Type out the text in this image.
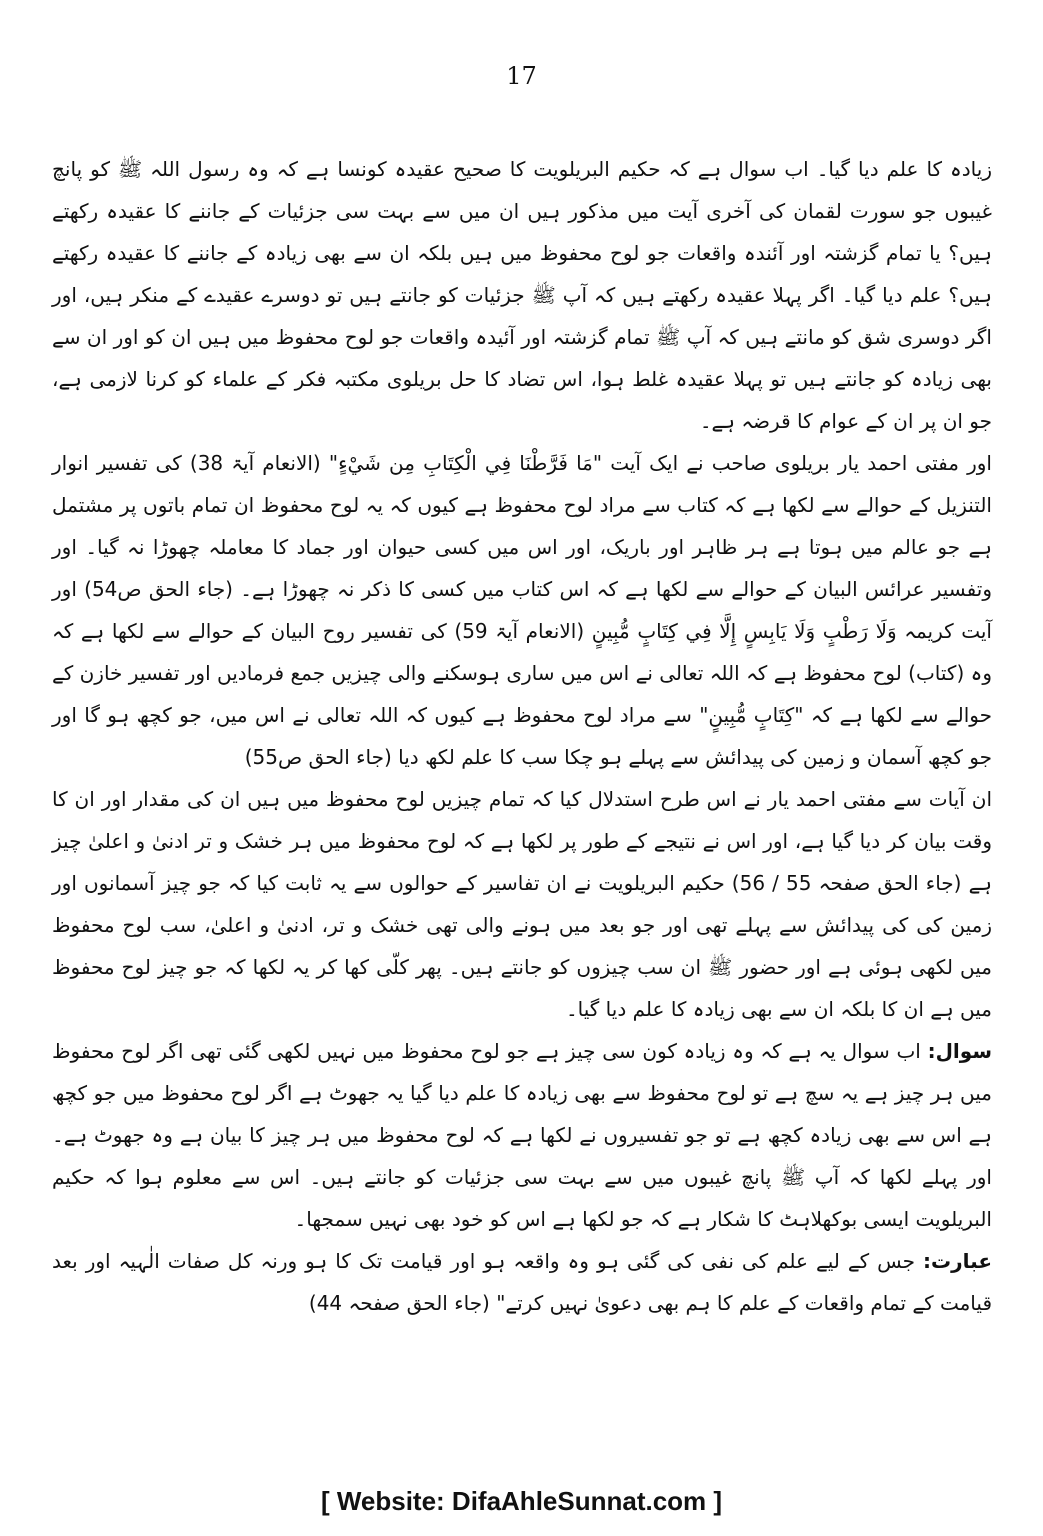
17

زیادہ کا علم دیا گیا۔ اب سوال ہے کہ حکیم البریلویت کا صحیح عقیدہ کونسا ہے کہ وہ رسول اللہ ﷺ کو پانچ غیبوں جو سورت لقمان کی آخری آیت میں مذکور ہیں ان میں سے بہت سی جزئیات کے جاننے کا عقیدہ رکھتے ہیں؟ یا تمام گزشتہ اور آئندہ واقعات جو لوح محفوظ میں ہیں بلکہ ان سے بھی زیادہ کے جاننے کا عقیدہ رکھتے ہیں؟ علم دیا گیا۔ اگر پہلا عقیدہ رکھتے ہیں کہ آپ ﷺ جزئیات کو جانتے ہیں تو دوسرے عقیدے کے منکر ہیں، اور اگر دوسری شق کو مانتے ہیں کہ آپ ﷺ تمام گزشتہ اور آئیدہ واقعات جو لوح محفوظ میں ہیں ان کو اور ان سے بھی زیادہ کو جانتے ہیں تو پہلا عقیدہ غلط ہوا، اس تضاد کا حل بریلوی مکتبہ فکر کے علماء کو کرنا لازمی ہے، جو ان پر ان کے عوام کا قرضہ ہے۔

اور مفتی احمد یار بریلوی صاحب نے ایک آیت "مَا فَرَّطْنَا فِي الْكِتَابِ مِن شَيْءٍ" (الانعام آیۃ 38) کی تفسیر انوار التنزیل کے حوالے سے لکھا ہے کہ کتاب سے مراد لوح محفوظ ہے کیوں کہ یہ لوح محفوظ ان تمام باتوں پر مشتمل ہے جو عالم میں ہوتا ہے ہر ظاہر اور باریک، اور اس میں کسی حیوان اور جماد کا معاملہ چھوڑا نہ گیا۔ اور وتفسیر عرائس البیان کے حوالے سے لکھا ہے کہ اس کتاب میں کسی کا ذکر نہ چھوڑا ہے۔ (جاء الحق ص54) اور آیت کریمہ وَلَا رَطْبٍ وَلَا يَابِسٍ إِلَّا فِي كِتَابٍ مُّبِينٍ (الانعام آیۃ 59) کی تفسیر روح البیان کے حوالے سے لکھا ہے کہ وہ (کتاب) لوح محفوظ ہے کہ اللہ تعالی نے اس میں ساری ہوسکنے والی چیزیں جمع فرمادیں اور تفسیر خازن کے حوالے سے لکھا ہے کہ "كِتَابٍ مُّبِينٍ" سے مراد لوح محفوظ ہے کیوں کہ اللہ تعالی نے اس میں، جو کچھ ہو گا اور جو کچھ آسمان و زمین کی پیدائش سے پہلے ہو چکا سب کا علم لکھ دیا (جاء الحق ص55)

ان آیات سے مفتی احمد یار نے اس طرح استدلال کیا کہ تمام چیزیں لوح محفوظ میں ہیں ان کی مقدار اور ان کا وقت بیان کر دیا گیا ہے، اور اس نے نتیجے کے طور پر لکھا ہے کہ لوح محفوظ میں ہر خشک و تر ادنیٰ و اعلیٰ چیز ہے (جاء الحق صفحہ 55 / 56) حکیم البریلویت نے ان تفاسیر کے حوالوں سے یہ ثابت کیا کہ جو چیز آسمانوں اور زمین کی کی پیدائش سے پہلے تھی اور جو بعد میں ہونے والی تھی خشک و تر، ادنیٰ و اعلیٰ، سب لوح محفوظ میں لکھی ہوئی ہے اور حضور ﷺ ان سب چیزوں کو جانتے ہیں۔ پھر کلّی کھا کر یہ لکھا کہ جو چیز لوح محفوظ میں ہے ان کا بلکہ ان سے بھی زیادہ کا علم دیا گیا۔

سوال: اب سوال یہ ہے کہ وہ زیادہ کون سی چیز ہے جو لوح محفوظ میں نہیں لکھی گئی تھی اگر لوح محفوظ میں ہر چیز ہے یہ سچ ہے تو لوح محفوظ سے بھی زیادہ کا علم دیا گیا یہ جھوٹ ہے اگر لوح محفوظ میں جو کچھ ہے اس سے بھی زیادہ کچھ ہے تو جو تفسیروں نے لکھا ہے کہ لوح محفوظ میں ہر چیز کا بیان ہے وہ جھوٹ ہے۔ اور پہلے لکھا کہ آپ ﷺ پانچ غیبوں میں سے بہت سی جزئیات کو جانتے ہیں۔ اس سے معلوم ہوا کہ حکیم البریلویت ایسی بوکھلاہٹ کا شکار ہے کہ جو لکھا ہے اس کو خود بھی نہیں سمجھا۔

عبارت: جس کے لیے علم کی نفی کی گئی ہو وہ واقعہ ہو اور قیامت تک کا ہو ورنہ کل صفات الٰہیہ اور بعد قیامت کے تمام واقعات کے علم کا ہم بھی دعویٰ نہیں کرتے" (جاء الحق صفحہ 44)

[ Website: DifaAhleSunnat.com ]
